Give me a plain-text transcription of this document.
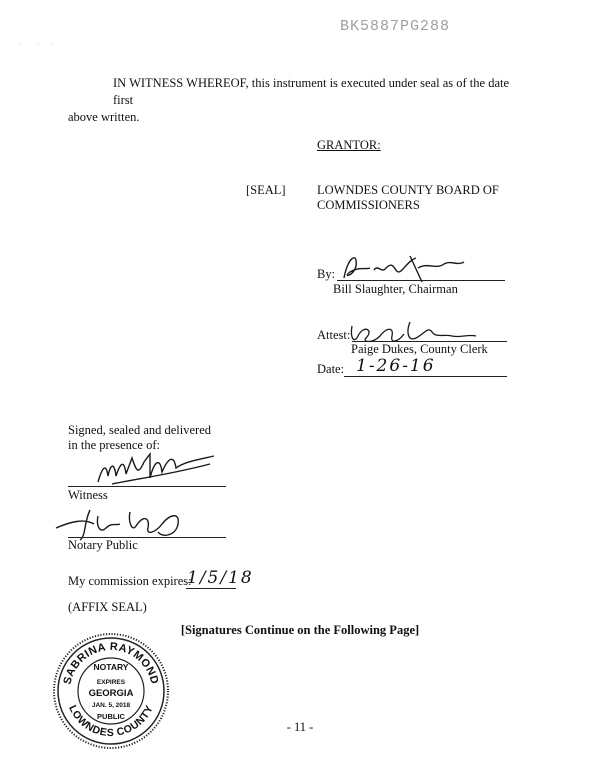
BK5887PG288
·        ·      ·
IN WITNESS WHEREOF, this instrument is executed under seal as of the date first
above written.
GRANTOR:
[SEAL]	LOWNDES COUNTY BOARD OF
COMMISSIONERS
By:
Bill Slaughter, Chairman
Attest:
Paige Dukes, County Clerk
Date: 1-26-16
Signed, sealed and delivered
in the presence of:
Witness
Notary Public
My commission expires:
1/5/18
(AFFIX SEAL)
[Signatures Continue on the Following Page]
SABRINA RAYMOND
LOWNDES COUNTY
NOTARY
EXPIRES
GEORGIA
JAN. 5, 2018
PUBLIC
- 11 -
